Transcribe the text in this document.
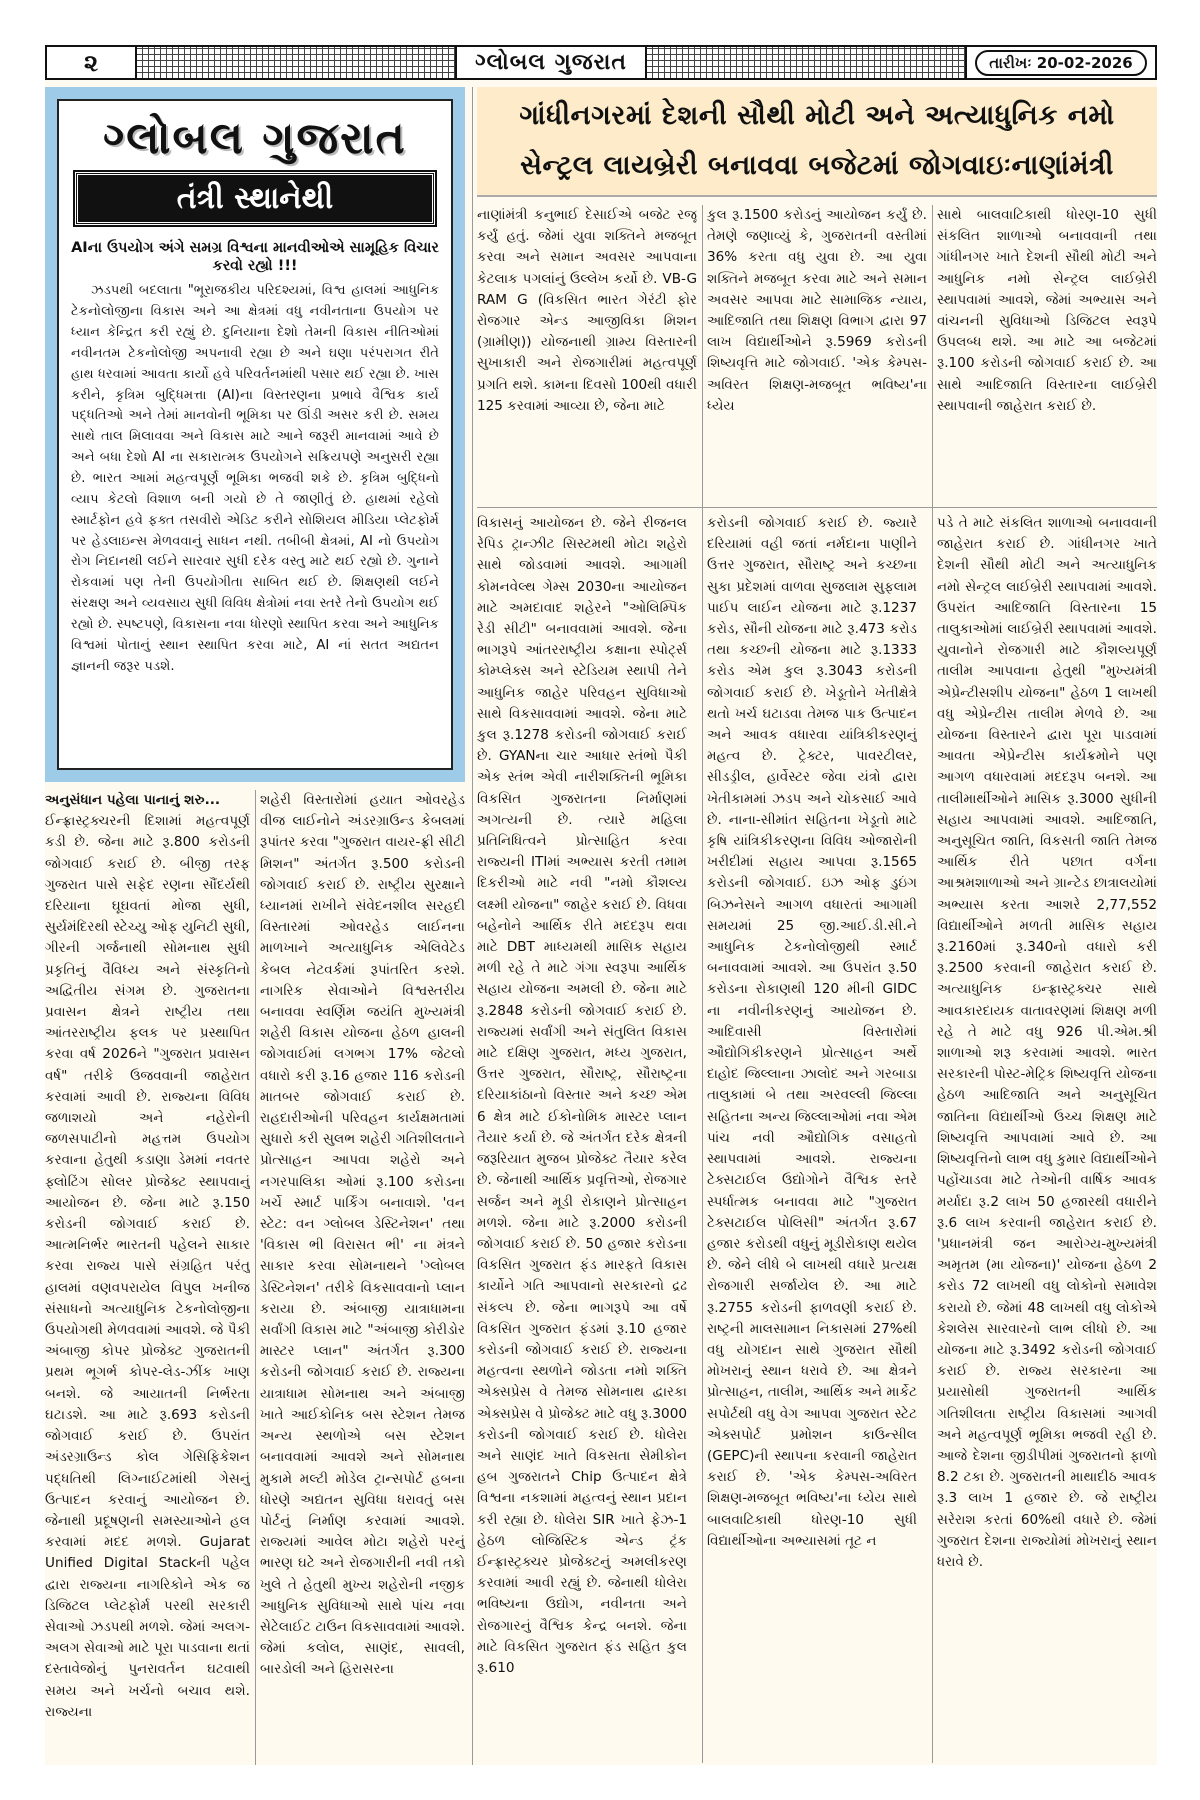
૨	ગ્લોબલ ગુજરાત	તારીખઃ 20-02-2026
ગ્લોબલ ગુજરાત
તંત્રી સ્થાનેથી
AIના ઉપયોગ અંગે સમગ્ર વિશ્વના માનવીઓએ સામૂહિક વિચાર કરવો રહ્યો !!!
ઝડપથી બદલાતા "ભૂરાજકીય પરિદશ્યમાં, વિશ્વ હાલમાં આધુનિક ટેકનોલોજીના વિકાસ અને આ ક્ષેત્રમાં વધુ નવીનતાના ઉપયોગ પર ધ્યાન કેન્દ્રિત કરી રહ્યું છે. દુનિયાના દેશો તેમની વિકાસ નીતિઓમાં નવીનતમ ટેકનોલોજી અપનાવી રહ્યા છે અને ઘણા પરંપરાગત રીતે હાથ ધરવામાં આવતા કાર્યો હવે પરિવર્તનમાંથી પસાર થઈ રહ્યા છે. ખાસ કરીને, કૃત્રિમ બુદ્ધિમત્તા (AI)ના વિસ્તરણના પ્રભાવે વૈશ્વિક કાર્ય પદ્ધતિઓ અને તેમાં માનવોની ભૂમિકા પર ઊંડી અસર કરી છે. સમય સાથે તાલ મિલાવવા અને વિકાસ માટે આને જરૂરી માનવામાં આવે છે અને બધા દેશો AI ના સકારાત્મક ઉપયોગને સક્રિયપણે અનુસરી રહ્યા છે. ભારત આમાં મહત્વપૂર્ણ ભૂમિકા ભજવી શકે છે. કૃત્રિમ બુદ્ધિનો વ્યાપ કેટલો વિશાળ બની ગયો છે તે જાણીતું છે. હાથમાં રહેલો સ્માર્ટફોન હવે ફક્ત તસવીરો એડિટ કરીને સોશિયલ મીડિયા પ્લેટફોર્મ પર હેડલાઇન્સ મેળવવાનું સાધન નથી. તબીબી ક્ષેત્રમાં, AI નો ઉપયોગ રોગ નિદાનથી લઈને સારવાર સુધી દરેક વસ્તુ માટે થઈ રહ્યો છે. ગુનાને રોકવામાં પણ તેની ઉપયોગીતા સાબિત થઈ છે. શિક્ષણથી લઈને સંરક્ષણ અને વ્યવસાય સુધી વિવિધ ક્ષેત્રોમાં નવા સ્તરે તેનો ઉપયોગ થઈ રહ્યો છે. સ્પષ્ટપણે, વિકાસના નવા ધોરણો સ્થાપિત કરવા અને આધુનિક વિશ્વમાં પોતાનું સ્થાન સ્થાપિત કરવા માટે, AI નાં સતત અદ્યતન જ્ઞાનની જરૂર પડશે.
ગાંધીનગરમાં દેશની સૌથી મોટી અને અત્યાધુનિક નમો
સેન્ટ્રલ લાયબ્રેરી બનાવવા બજેટમાં જોગવાઇઃનાણાંમંત્રી
નાણાંમંત્રી કનુભાઈ દેસાઈએ બજેટ રજૂ કર્યું હતું. જેમાં યુવા શક્તિને મજબૂત કરવા અને સમાન અવસર આપવાના કેટલાક પગલાંનું ઉલ્લેખ કર્યો છે. VB-G RAM G (વિકસિત ભારત ગેરંટી ફોર રોજગાર એન્ડ આજીવિકા મિશન (ગ્રામીણ)) યોજનાથી ગ્રામ્ય વિસ્તારની સુખાકારી અને રોજગારીમાં મહત્વપૂર્ણ પ્રગતિ થશે. કામના દિવસો 100થી વધારી 125 કરવામાં આવ્યા છે, જેના માટે
કુલ રૂ.1500 કરોડનું આયોજન કર્યું છે. તેમણે જણાવ્યું કે, ગુજરાતની વસ્તીમાં 36% કરતા વધુ યુવા છે. આ યુવા શક્તિને મજબૂત કરવા માટે અને સમાન અવસર આપવા માટે સામાજિક ન્યાય, આદિજાતિ તથા શિક્ષણ વિભાગ દ્વારા 97 લાખ વિદ્યાર્થીઓને રૂ.5969 કરોડની શિષ્યવૃત્તિ માટે જોગવાઈ. 'એક કેમ્પસ-અવિરત શિક્ષણ-મજબૂત ભવિષ્ય'ના ધ્યેય
સાથે બાલવાટિકાથી ધોરણ-10 સુધી સંકલિત શાળાઓ બનાવવાની તથા ગાંધીનગર ખાતે દેશની સૌથી મોટી અને આધુનિક નમો સેન્ટ્રલ લાઈબ્રેરી સ્થાપવામાં આવશે, જેમાં અભ્યાસ અને વાંચનની સુવિધાઓ ડિજિટલ સ્વરૂપે ઉપલબ્ધ થશે. આ માટે આ બજેટમાં રૂ.100 કરોડની જોગવાઈ કરાઈ છે. આ સાથે આદિજાતિ વિસ્તારના લાઈબ્રેરી સ્થાપવાની જાહેરાત કરાઈ છે.
વિકાસનું આયોજન છે. જેને રીજનલ રેપિડ ટ્રાન્ઝીટ સિસ્ટમથી મોટા શહેરો સાથે જોડવામાં આવશે. આગામી કોમનવેલ્થ ગેમ્સ 2030ના આયોજન માટે અમદાવાદ શહેરને "ઓલિમ્પિક રેડી સીટી" બનાવવામાં આવશે. જેના ભાગરૂપે આંતરરાષ્ટ્રીય કક્ષાના સ્પોર્ટ્સ કોમ્પ્લેક્સ અને સ્ટેડિયમ સ્થાપી તેને આધુનિક જાહેર પરિવહન સુવિધાઓ સાથે વિકસાવવામાં આવશે. જેના માટે કુલ રૂ.1278 કરોડની જોગવાઈ કરાઈ છે. GYANના ચાર આધાર સ્તંભો પૈકી એક સ્તંભ એવી નારીશક્તિની ભૂમિકા વિકસિત ગુજરાતના નિર્માણમાં અગત્યની છે. ત્યારે મહિલા પ્રતિનિધિત્વને પ્રોત્સાહિત કરવા રાજ્યની ITIમાં અભ્યાસ કરતી તમામ દિકરીઓ માટે નવી "નમો કૌશલ્ય લક્ષ્મી યોજના" જાહેર કરાઈ છે. વિધવા બહેનોને આર્થિક રીતે મદદરૂપ થવા માટે DBT માધ્યમથી માસિક સહાય મળી રહે તે માટે ગંગા સ્વરૂપા આર્થિક સહાય યોજના અમલી છે. જેના માટે રૂ.2848 કરોડની જોગવાઈ કરાઈ છે. રાજ્યમાં સર્વાંગી અને સંતુલિત વિકાસ માટે દક્ષિણ ગુજરાત, મધ્ય ગુજરાત, ઉત્તર ગુજરાત, સૌરાષ્ટ્ર, સૌરાષ્ટ્રના દરિયાકાંઠાનો વિસ્તાર અને કચ્છ એમ 6 ક્ષેત્ર માટે ઈકોનોમિક માસ્ટર પ્લાન તૈયાર કર્યા છે. જે અંતર્ગત દરેક ક્ષેત્રની જરૂરિયાત મુજબ પ્રોજેક્ટ તૈયાર કરેલ છે. જેનાથી આર્થિક પ્રવૃત્તિઓ, રોજગાર સર્જન અને મૂડી રોકાણને પ્રોત્સાહન મળશે. જેના માટે રૂ.2000 કરોડની જોગવાઈ કરાઈ છે. 50 હજાર કરોડના વિકસિત ગુજરાત ફંડ મારફતે વિકાસ કાર્યોને ગતિ આપવાનો સરકારનો દ્રઢ સંકલ્પ છે. જેના ભાગરૂપે આ વર્ષે વિકસિત ગુજરાત ફંડમાં રૂ.10 હજાર કરોડની જોગવાઈ કરાઈ છે. રાજ્યના મહત્વના સ્થળોને જોડતા નમો શક્તિ એક્સપ્રેસ વે તેમજ સોમનાથ દ્વારકા એક્સપ્રેસ વે પ્રોજેક્ટ માટે વધુ રૂ.3000 કરોડની જોગવાઈ કરાઈ છે. ધોલેરા અને સાણંદ ખાતે વિકસતા સેમીકોન હબ ગુજરાતને Chip ઉત્પાદન ક્ષેત્રે વિશ્વના નકશામાં મહત્વનું સ્થાન પ્રદાન કરી રહ્યા છે. ધોલેરા SIR ખાતે ફેઝ-1 હેઠળ લોજિસ્ટિક એન્ડ ટ્રંક ઈન્ફ્રાસ્ટ્રક્ચર પ્રોજેક્ટનું અમલીકરણ કરવામાં આવી રહ્યું છે. જેનાથી ધોલેરા ભવિષ્યના ઉદ્યોગ, નવીનતા અને રોજગારનું વૈશ્વિક કેન્દ્ર બનશે. જેના માટે વિકસિત ગુજરાત ફંડ સહિત કુલ રૂ.610
કરોડની જોગવાઈ કરાઈ છે. જ્યારે દરિયામાં વહી જતાં નર્મદાના પાણીને ઉત્તર ગુજરાત, સૌરાષ્ટ્ર અને કચ્છના સુકા પ્રદેશમાં વાળવા સુજલામ સુફલામ પાઈપ લાઈન યોજના માટે રૂ.1237 કરોડ, સૌની યોજના માટે રૂ.473 કરોડ તથા કચ્છની યોજના માટે રૂ.1333 કરોડ એમ કુલ રૂ.3043 કરોડની જોગવાઈ કરાઈ છે. ખેડૂતોને ખેતીક્ષેત્રે થતો ખર્ચ ઘટાડવા તેમજ પાક ઉત્પાદન અને આવક વધારવા યાંત્રિકીકરણનું મહત્વ છે. ટ્રેક્ટર, પાવરટીલર, સીડડ્રીલ, હાર્વેસ્ટર જેવા યંત્રો દ્વારા ખેતીકામમાં ઝડપ અને ચોકસાઈ આવે છે. નાના-સીમાંત સહિતના ખેડૂતો માટે કૃષિ યાંત્રિકીકરણના વિવિધ ઓજારોની ખરીદીમાં સહાય આપવા રૂ.1565 કરોડની જોગવાઈ. ઇઝ ઓફ ડુઇંગ બિઝનેસને આગળ વધારતાં આગામી સમયમાં 25 જી.આઈ.ડી.સી.ને આધુનિક ટેકનોલોજીથી સ્માર્ટ બનાવવામાં આવશે. આ ઉપરાંત રૂ.50 કરોડના રોકાણથી 120 મીની GIDC ના નવીનીકરણનું આયોજન છે. આદિવાસી વિસ્તારોમાં ઔદ્યોગિકીકરણને પ્રોત્સાહન અર્થે દાહોદ જિલ્લાના ઝાલોદ અને ગરબાડા તાલુકામાં બે તથા અરવલ્લી જિલ્લા સહિતના અન્ય જિલ્લાઓમાં નવા એમ પાંચ નવી ઔદ્યોગિક વસાહતો સ્થાપવામાં આવશે. રાજ્યના ટેક્સટાઈલ ઉદ્યોગોને વૈશ્વિક સ્તરે સ્પર્ધાત્મક બનાવવા માટે "ગુજરાત ટેક્સટાઈલ પોલિસી" અંતર્ગત રૂ.67 હજાર કરોડથી વધુનું મૂડીરોકાણ થયેલ છે. જેને લીધે બે લાખથી વધારે પ્રત્યક્ષ રોજગારી સર્જાયેલ છે. આ માટે રૂ.2755 કરોડની ફાળવણી કરાઈ છે. રાષ્ટ્રની માલસામાન નિકાસમાં 27%થી વધુ યોગદાન સાથે ગુજરાત સૌથી મોખરાનું સ્થાન ધરાવે છે. આ ક્ષેત્રને પ્રોત્સાહન, તાલીમ, આર્થિક અને માર્કેટ સપોર્ટથી વધુ વેગ આપવા ગુજરાત સ્ટેટ એક્સપોર્ટ પ્રમોશન કાઉન્સીલ (GEPC)ની સ્થાપના કરવાની જાહેરાત કરાઈ છે. 'એક કેમ્પસ-અવિરત શિક્ષણ-મજબૂત ભવિષ્ય'ના ધ્યેય સાથે બાલવાટિકાથી ધોરણ-10 સુધી વિદ્યાર્થીઓના અભ્યાસમાં તૂટ ન
પડે તે માટે સંકલિત શાળાઓ બનાવવાની જાહેરાત કરાઈ છે. ગાંધીનગર ખાતે દેશની સૌથી મોટી અને અત્યાધુનિક નમો સેન્ટ્રલ લાઈબ્રેરી સ્થાપવામાં આવશે. ઉપરાંત આદિજાતિ વિસ્તારના 15 તાલુકાઓમાં લાઈબ્રેરી સ્થાપવામાં આવશે. યુવાનોને રોજગારી માટે કૌશલ્યપૂર્ણ તાલીમ આપવાના હેતુથી "મુખ્યમંત્રી એપ્રેન્ટીસશીપ યોજના" હેઠળ 1 લાખથી વધુ એપ્રેન્ટીસ તાલીમ મેળવે છે. આ યોજના વિસ્તારને દ્વારા પૂરા પાડવામાં આવતા એપ્રેન્ટીસ કાર્યક્રમોને પણ આગળ વધારવામાં મદદરૂપ બનશે. આ તાલીમાર્થીઓને માસિક રૂ.3000 સુધીની સહાય આપવામાં આવશે. આદિજાતિ, અનુસૂચિત જાતિ, વિકસતી જાતિ તેમજ આર્થિક રીતે પછાત વર્ગના આશ્રમશાળાઓ અને ગ્રાન્ટેડ છાત્રાલયોમાં અભ્યાસ કરતા આશરે 2,77,552 વિદ્યાર્થીઓને મળતી માસિક સહાય રૂ.2160માં રૂ.340નો વધારો કરી રૂ.2500 કરવાની જાહેરાત કરાઈ છે. અત્યાધુનિક ઇન્ફ્રાસ્ટ્રક્ચર સાથે આવકારદાયક વાતાવરણમાં શિક્ષણ મળી રહે તે માટે વધુ 926 પી.એમ.શ્રી શાળાઓ શરૂ કરવામાં આવશે. ભારત સરકારની પોસ્ટ-મેટ્રિક શિષ્યવૃત્તિ યોજના હેઠળ આદિજાતિ અને અનુસૂચિત જાતિના વિદ્યાર્થીઓ ઉચ્ચ શિક્ષણ માટે શિષ્યવૃત્તિ આપવામાં આવે છે. આ શિષ્યવૃત્તિનો લાભ વધુ કુમાર વિદ્યાર્થીઓને પહોંચાડવા માટે તેઓની વાર્ષિક આવક મર્યાદા રૂ.2 લાખ 50 હજારથી વધારીને રૂ.6 લાખ કરવાની જાહેરાત કરાઈ છે. 'પ્રધાનમંત્રી જન આરોગ્ય-મુખ્યમંત્રી અમૃતમ (મા યોજના)' યોજના હેઠળ 2 કરોડ 72 લાખથી વધુ લોકોનો સમાવેશ કરાયો છે. જેમાં 48 લાખથી વધુ લોકોએ કેશલેસ સારવારનો લાભ લીધો છે. આ યોજના માટે રૂ.3492 કરોડની જોગવાઈ કરાઈ છે. રાજ્ય સરકારના આ પ્રયાસોથી ગુજરાતની આર્થિક ગતિશીલતા રાષ્ટ્રીય વિકાસમાં આગવી અને મહત્વપૂર્ણ ભૂમિકા ભજવી રહી છે. આજે દેશના જીડીપીમાં ગુજરાતનો ફાળો 8.2 ટકા છે. ગુજરાતની માથાદીઠ આવક રૂ.3 લાખ 1 હજાર છે. જે રાષ્ટ્રીય સરેરાશ કરતાં 60%થી વધારે છે. જેમાં ગુજરાત દેશના રાજ્યોમાં મોખરાનું સ્થાન ધરાવે છે.
અનુસંધાન પહેલા પાનાનું શરુ...
ઈન્ફ્રાસ્ટ્રક્ચરની દિશામાં મહત્વપૂર્ણ કડી છે. જેના માટે રૂ.800 કરોડની જોગવાઈ કરાઈ છે. બીજી તરફ ગુજરાત પાસે સફેદ રણના સૌંદર્યથી દરિયાના ઘૂઘવતાં મોજા સુધી, સુર્યમંદિરથી સ્ટેચ્યુ ઓફ યુનિટી સુધી, ગીરની ગર્જનાથી સોમનાથ સુધી પ્રકૃતિનું વૈવિધ્ય અને સંસ્કૃતિનો અદ્વિતીય સંગમ છે. ગુજરાતના પ્રવાસન ક્ષેત્રને રાષ્ટ્રીય તથા આંતરરાષ્ટ્રીય ફલક પર પ્રસ્થાપિત કરવા વર્ષ 2026ને "ગુજરાત પ્રવાસન વર્ષ" તરીકે ઉજવવાની જાહેરાત કરવામાં આવી છે. રાજ્યના વિવિધ જળાશયો અને નહેરોની જળસપાટીનો મહત્તમ ઉપયોગ કરવાના હેતુથી કડાણા ડેમમાં નવતર ફ્લોટિંગ સોલર પ્રોજેક્ટ સ્થાપવાનું આયોજન છે. જેના માટે રૂ.150 કરોડની જોગવાઈ કરાઈ છે. આત્મનિર્ભર ભારતની પહેલને સાકાર કરવા રાજ્ય પાસે સંગ્રહિત પરંતુ હાલમાં વણવપરાયેલ વિપુલ ખનીજ સંસાધનો અત્યાધુનિક ટેકનોલોજીના ઉપયોગથી મેળવવામાં આવશે. જે પૈકી અંબાજી કોપર પ્રોજેક્ટ ગુજરાતની પ્રથમ ભૂગર્ભ કોપર-લેડ-ઝીંક ખાણ બનશે. જે આયાતની નિર્ભરતા ઘટાડશે. આ માટે રૂ.693 કરોડની જોગવાઈ કરાઈ છે. ઉપરાંત અંડરગ્રાઉન્ડ કોલ ગેસિફિકેશન પદ્ધતિથી લિગ્નાઈટમાંથી ગેસનું ઉત્પાદન કરવાનું આયોજન છે. જેનાથી પ્રદૂષણની સમસ્યાઓને હલ કરવામાં મદદ મળશે. Gujarat Unified Digital Stackની પહેલ દ્વારા રાજ્યના નાગરિકોને એક જ ડિજિટલ પ્લેટફોર્મ પરથી સરકારી સેવાઓ ઝડપથી મળશે. જેમાં અલગ-અલગ સેવાઓ માટે પૂરા પાડવાના થતાં દસ્તાવેજોનું પુનરાવર્તન ઘટવાથી સમય અને ખર્ચનો બચાવ થશે. રાજ્યના
શહેરી વિસ્તારોમાં હયાત ઓવરહેડ વીજ લાઈનોને અંડરગ્રાઉન્ડ કેબલમાં રૂપાંતર કરવા "ગુજરાત વાયર-ફ્રી સીટી મિશન" અંતર્ગત રૂ.500 કરોડની જોગવાઈ કરાઈ છે. રાષ્ટ્રીય સુરક્ષાને ધ્યાનમાં રાખીને સંવેદનશીલ સરહદી વિસ્તારમાં ઓવરહેડ લાઈનના માળખાને અત્યાધુનિક એલિવેટેડ કેબલ નેટવર્કમાં રૂપાંતરિત કરશે. નાગરિક સેવાઓને વિશ્વસ્તરીય બનાવવા સ્વર્ણિમ જયંતિ મુખ્યમંત્રી શહેરી વિકાસ યોજના હેઠળ હાલની જોગવાઈમાં લગભગ 17% જેટલો વધારો કરી રૂ.16 હજાર 116 કરોડની માતબર જોગવાઈ કરાઈ છે. રાહદારીઓની પરિવહન કાર્યક્ષમતામાં સુધારો કરી સુલભ શહેરી ગતિશીલતાને પ્રોત્સાહન આપવા શહેરો અને નગરપાલિકા ઓમાં રૂ.100 કરોડના ખર્ચે સ્માર્ટ પાર્કિંગ બનાવાશે. 'વન સ્ટેટ: વન ગ્લોબલ ડેસ્ટિનેશન' તથા 'વિકાસ ભી વિરાસત ભી' ના મંત્રને સાકાર કરવા સોમનાથને 'ગ્લોબલ ડેસ્ટિનેશન' તરીકે વિકસાવવાનો પ્લાન કરાયા છે. અંબાજી યાત્રાધામના સર્વાંગી વિકાસ માટે "અંબાજી કોરીડોર માસ્ટર પ્લાન" અંતર્ગત રૂ.300 કરોડની જોગવાઈ કરાઈ છે. રાજ્યના યાત્રાધામ સોમનાથ અને અંબાજી ખાતે આઈકોનિક બસ સ્ટેશન તેમજ અન્ય સ્થળોએ બસ સ્ટેશન બનાવવામાં આવશે અને સોમનાથ મુકામે મલ્ટી મોડેલ ટ્રાન્સપોર્ટ હબના ધોરણે અદ્યતન સુવિધા ધરાવતું બસ પોર્ટનું નિર્માણ કરવામાં આવશે. રાજ્યમાં આવેલ મોટા શહેરો પરનું ભારણ ઘટે અને રોજગારીની નવી તકો ખુલે તે હેતુથી મુખ્ય શહેરોની નજીક આધુનિક સુવિધાઓ સાથે પાંચ નવા સેટેલાઈટ ટાઉન વિકસાવવામાં આવશે. જેમાં કલોલ, સાણંદ, સાવલી, બારડોલી અને હિરાસરના
